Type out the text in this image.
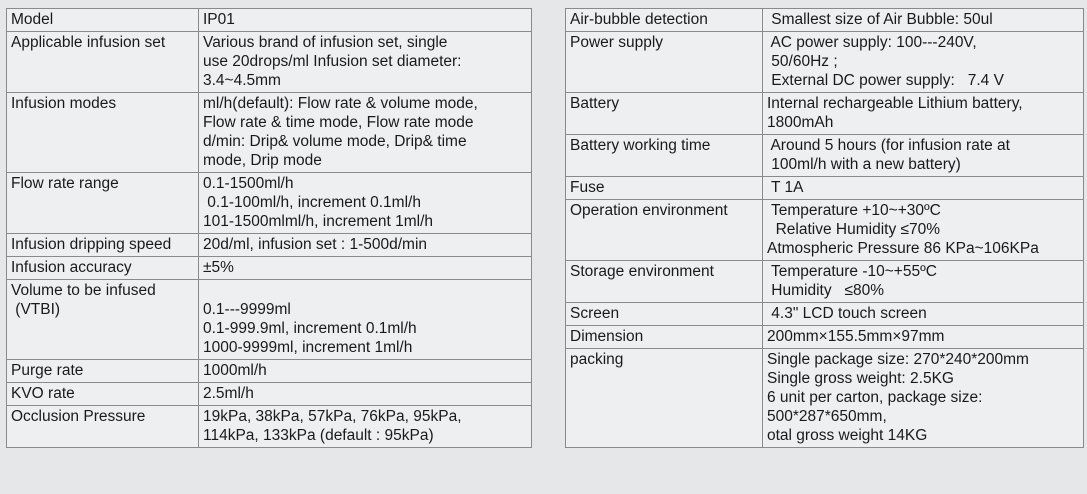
Model	IP01

Applicable infusion set	Various brand of infusion set, single
use 20drops/ml Infusion set diameter:
3.4~4.5mm

Infusion modes	ml/h(default): Flow rate & volume mode,
Flow rate & time mode, Flow rate mode
d/min: Drip& volume mode, Drip& time
mode, Drip mode

Flow rate range	0.1-1500ml/h
0.1-100ml/h, increment 0.1ml/h
101-1500mlml/h, increment 1ml/h

Infusion dripping speed	20d/ml, infusion set : 1-500d/min

Infusion accuracy	±5%

Volume to be infused
(VTBI)	0.1---9999ml
0.1-999.9ml, increment 0.1ml/h
1000-9999ml, increment 1ml/h

Purge rate	1000ml/h

KVO rate	2.5ml/h

Occlusion Pressure	19kPa, 38kPa, 57kPa, 76kPa, 95kPa,
114kPa, 133kPa (default : 95kPa)
Air-bubble detection	Smallest size of Air Bubble: 50ul

Power supply	AC power supply: 100---240V,
50/60Hz ;
External DC power supply:   7.4 V

Battery	Internal rechargeable Lithium battery,
1800mAh

Battery working time	Around 5 hours (for infusion rate at
100ml/h with a new battery)

Fuse	T 1A

Operation environment	Temperature +10~+30ºC
Relative Humidity ≤70%
Atmospheric Pressure 86 KPa~106KPa

Storage environment	Temperature -10~+55ºC
Humidity   ≤80%

Screen	4.3" LCD touch screen

Dimension	200mm×155.5mm×97mm

packing	Single package size: 270*240*200mm
Single gross weight: 2.5KG
6 unit per carton, package size:
500*287*650mm,
otal gross weight 14KG
